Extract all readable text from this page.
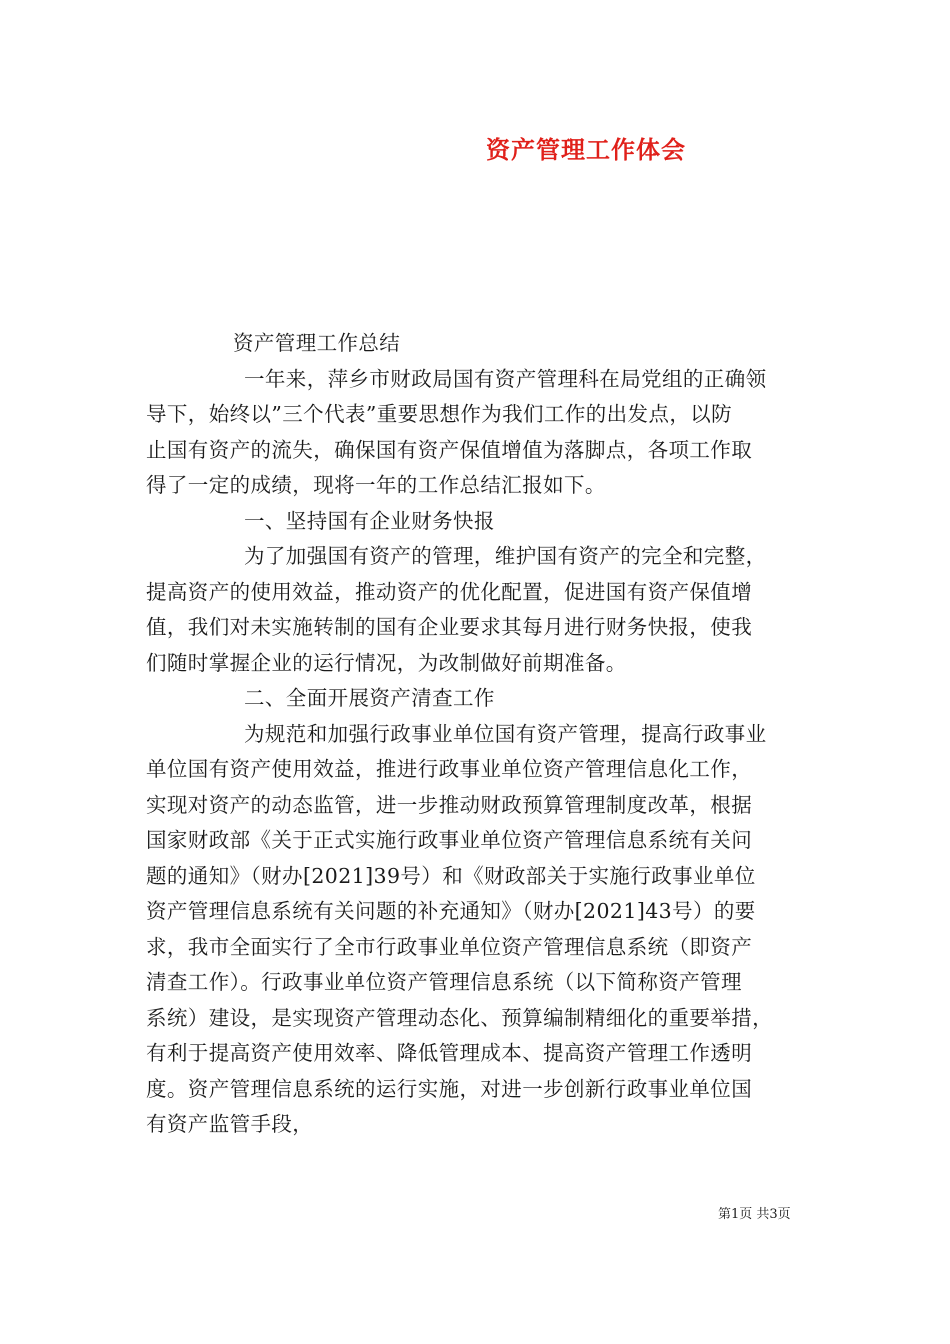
资产管理工作体会
资产管理工作总结
一年来，萍乡市财政局国有资产管理科在局党组的正确领
导下，始终以”三个代表”重要思想作为我们工作的出发点，以防
止国有资产的流失，确保国有资产保值增值为落脚点，各项工作取
得了一定的成绩，现将一年的工作总结汇报如下。
一、坚持国有企业财务快报
为了加强国有资产的管理，维护国有资产的完全和完整，
提高资产的使用效益，推动资产的优化配置，促进国有资产保值增
值，我们对未实施转制的国有企业要求其每月进行财务快报，使我
们随时掌握企业的运行情况，为改制做好前期准备。
二、全面开展资产清查工作
为规范和加强行政事业单位国有资产管理，提高行政事业
单位国有资产使用效益，推进行政事业单位资产管理信息化工作，
实现对资产的动态监管，进一步推动财政预算管理制度改革，根据
国家财政部《关于正式实施行政事业单位资产管理信息系统有关问
题的通知》（财办[2021]39号）和《财政部关于实施行政事业单位
资产管理信息系统有关问题的补充通知》（财办[2021]43号）的要
求，我市全面实行了全市行政事业单位资产管理信息系统（即资产
清查工作）。行政事业单位资产管理信息系统（以下简称资产管理
系统）建设，是实现资产管理动态化、预算编制精细化的重要举措，
有利于提高资产使用效率、降低管理成本、提高资产管理工作透明
度。资产管理信息系统的运行实施，对进一步创新行政事业单位国
有资产监管手段，
第1页 共3页
